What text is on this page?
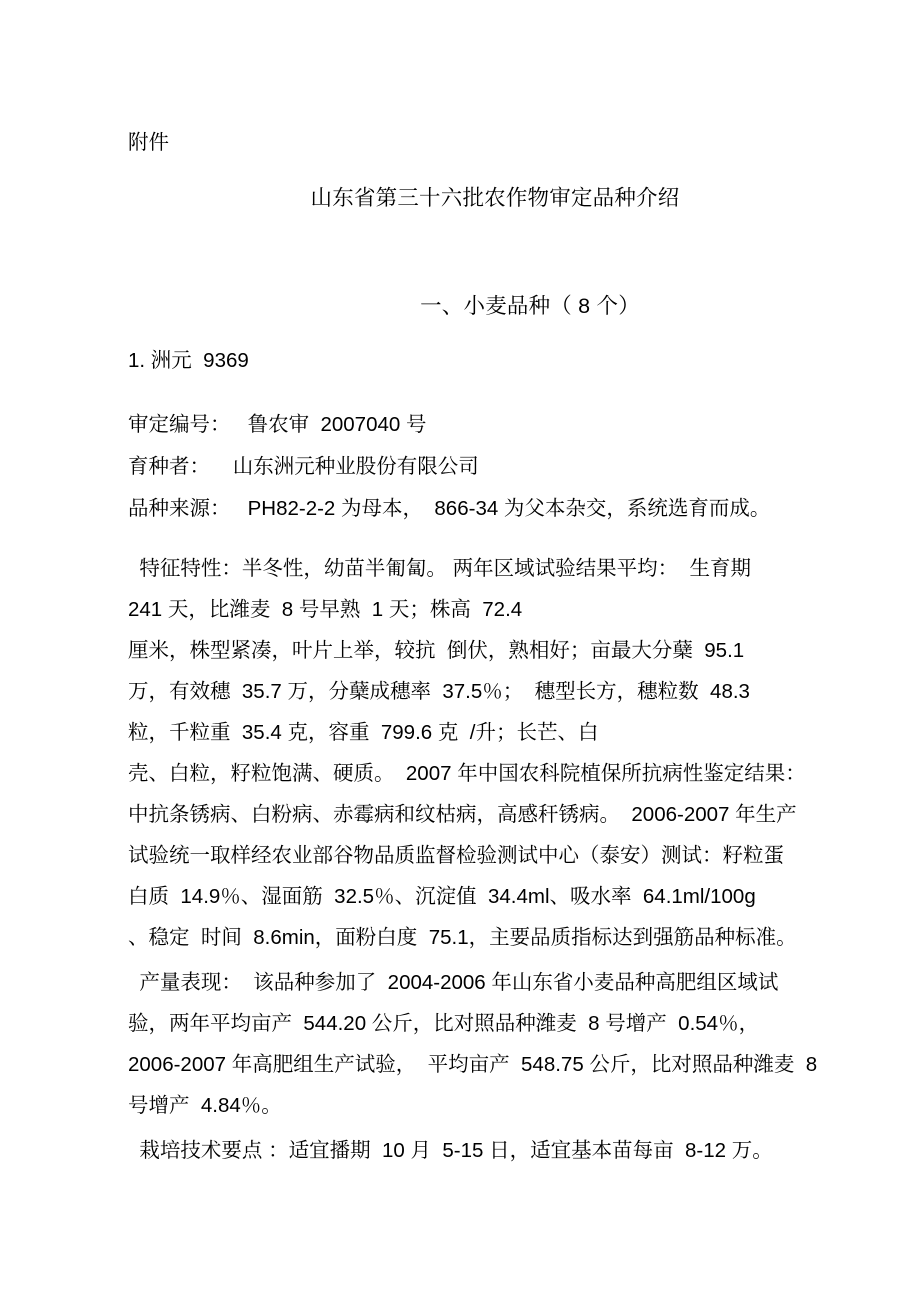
附件
山东省第三十六批农作物审定品种介绍
一、小麦品种（ 8 个）
1. 洲元  9369
审定编号：   鲁农审  2007040 号
育种者：    山东洲元种业股份有限公司
品种来源：   PH82-2-2 为母本，  866-34 为父本杂交，系统选育而成。
特征特性：半冬性，幼苗半匍匐。 两年区域试验结果平均：  生育期
241 天，比潍麦  8 号早熟  1 天；株高  72.4
厘米，株型紧凑，叶片上举，较抗  倒伏，熟相好；亩最大分蘖  95.1
万，有效穗  35.7 万，分蘖成穗率  37.5％；  穗型长方，穗粒数  48.3
粒，千粒重  35.4 克，容重  799.6 克  /升；长芒、白
壳、白粒，籽粒饱满、硬质。  2007 年中国农科院植保所抗病性鉴定结果：
中抗条锈病、白粉病、赤霉病和纹枯病，高感秆锈病。  2006-2007 年生产
试验统一取样经农业部谷物品质监督检验测试中心（泰安）测试：籽粒蛋
白质  14.9％、湿面筋  32.5％、沉淀值  34.4ml、吸水率  64.1ml/100g
、稳定  时间  8.6min，面粉白度  75.1，主要品质指标达到强筋品种标准。
产量表现：  该品种参加了  2004-2006 年山东省小麦品种高肥组区域试
验，两年平均亩产  544.20 公斤，比对照品种潍麦  8 号增产  0.54％，
2006-2007 年高肥组生产试验，  平均亩产  548.75 公斤，比对照品种潍麦  8
号增产  4.84％。
栽培技术要点 ：适宜播期  10 月  5-15 日，适宜基本苗每亩  8-12 万。
